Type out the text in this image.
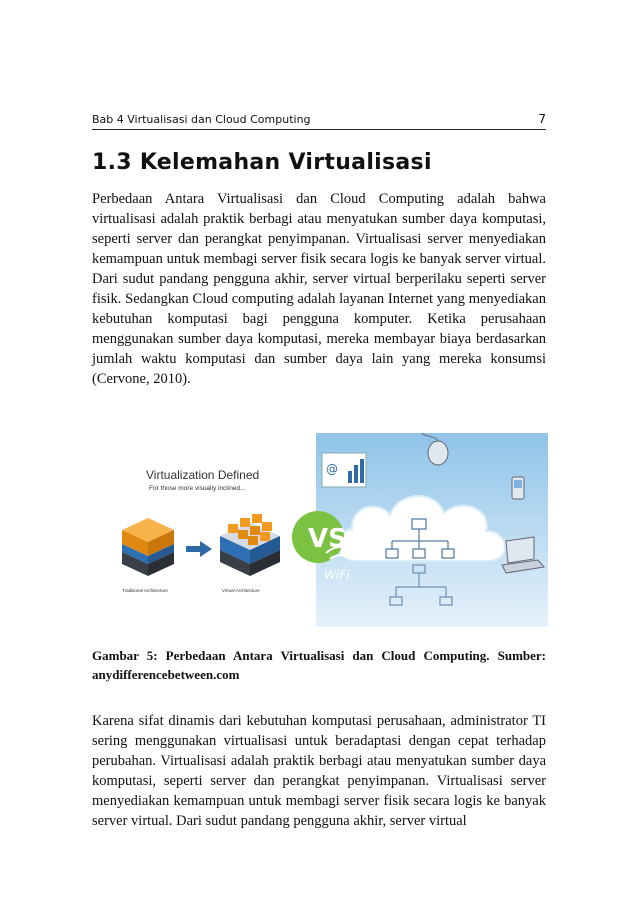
Bab 4 Virtualisasi dan Cloud Computing	7
1.3 Kelemahan Virtualisasi

Perbedaan Antara Virtualisasi dan Cloud Computing adalah bahwa virtualisasi adalah praktik berbagi atau menyatukan sumber daya komputasi, seperti server dan perangkat penyimpanan. Virtualisasi server menyediakan kemampuan untuk membagi server fisik secara logis ke banyak server virtual. Dari sudut pandang pengguna akhir, server virtual berperilaku seperti server fisik. Sedangkan Cloud computing adalah layanan Internet yang menyediakan kebutuhan komputasi bagi pengguna komputer. Ketika perusahaan menggunakan sumber daya komputasi, mereka membayar biaya berdasarkan jumlah waktu komputasi dan sumber daya lain yang mereka konsumsi (Cervone, 2010).

Virtualization Defined
For those more visually inclined...
Traditional Architecture	Virtual Architecture
VS
@
WiFi

Gambar 5: Perbedaan Antara Virtualisasi dan Cloud Computing. Sumber: anydifferencebetween.com

Karena sifat dinamis dari kebutuhan komputasi perusahaan, administrator TI sering menggunakan virtualisasi untuk beradaptasi dengan cepat terhadap perubahan. Virtualisasi adalah praktik berbagi atau menyatukan sumber daya komputasi, seperti server dan perangkat penyimpanan. Virtualisasi server menyediakan kemampuan untuk membagi server fisik secara logis ke banyak server virtual. Dari sudut pandang pengguna akhir, server virtual
